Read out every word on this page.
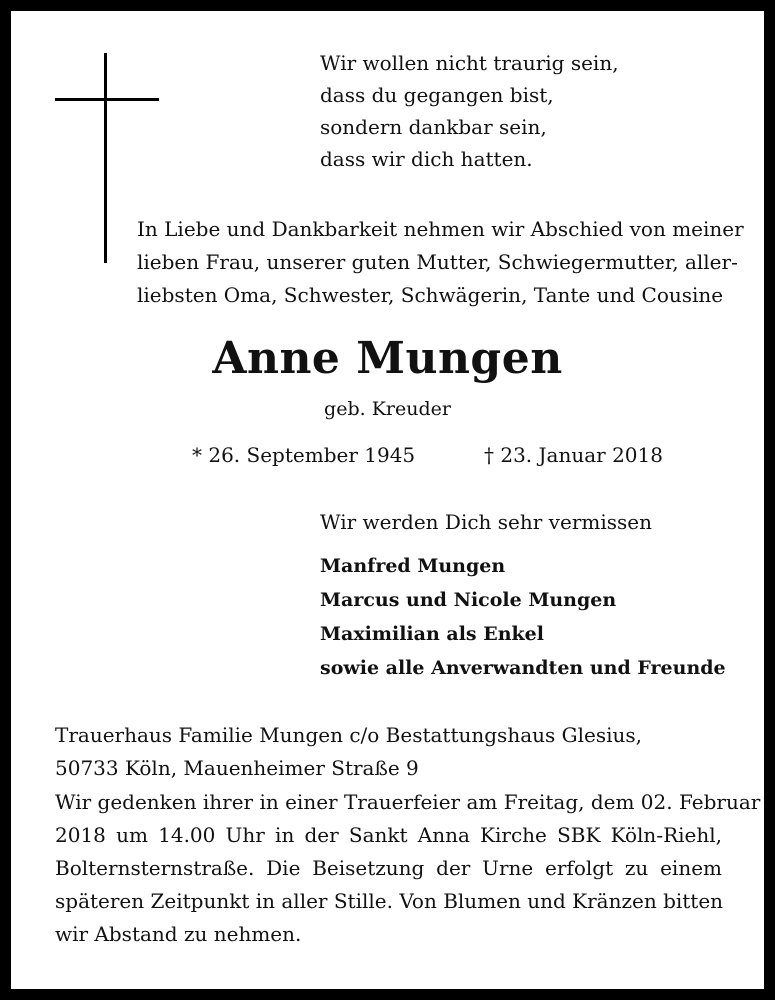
Wir wollen nicht traurig sein,
dass du gegangen bist,
sondern dankbar sein,
dass wir dich hatten.
In Liebe und Dankbarkeit nehmen wir Abschied von meiner
lieben Frau, unserer guten Mutter, Schwiegermutter, aller-
liebsten Oma, Schwester, Schwägerin, Tante und Cousine
Anne Mungen
geb. Kreuder
* 26. September 1945	† 23. Januar 2018
Wir werden Dich sehr vermissen
Manfred Mungen
Marcus und Nicole Mungen
Maximilian als Enkel
sowie alle Anverwandten und Freunde
Trauerhaus Familie Mungen c/o Bestattungshaus Glesius,
50733 Köln, Mauenheimer Straße 9
Wir gedenken ihrer in einer Trauerfeier am Freitag, dem 02. Februar
2018 um 14.00 Uhr in der Sankt Anna Kirche SBK Köln-Riehl,
Bolternsternstraße. Die Beisetzung der Urne erfolgt zu einem
späteren Zeitpunkt in aller Stille. Von Blumen und Kränzen bitten
wir Abstand zu nehmen.
